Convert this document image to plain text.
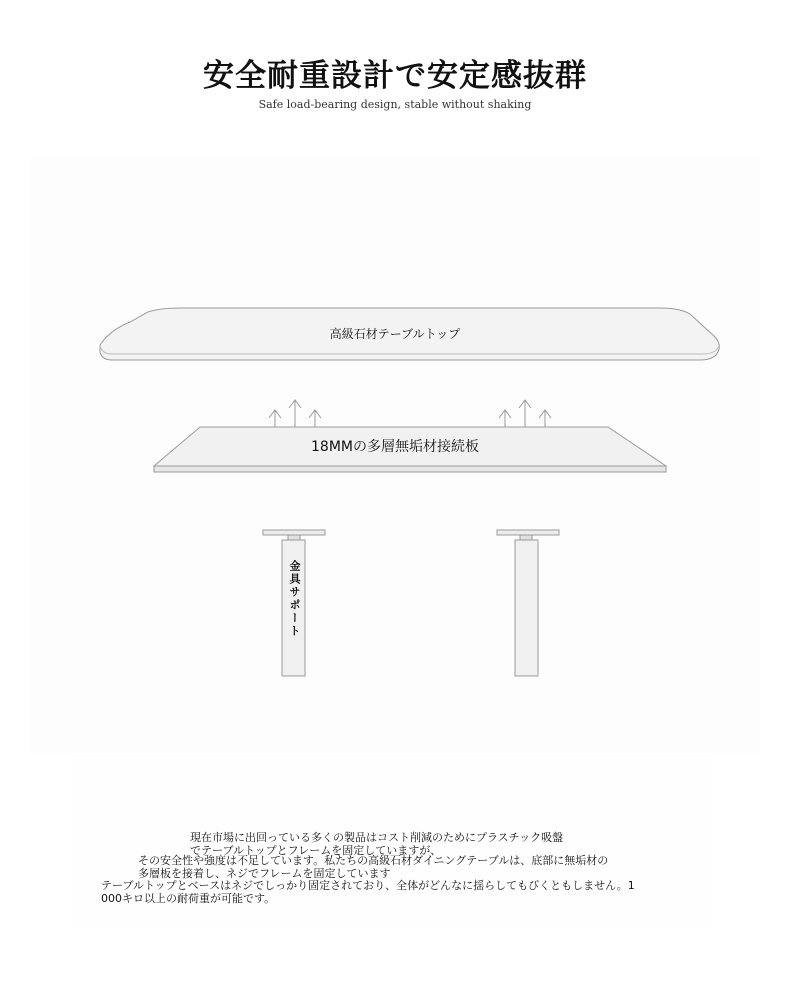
安全耐重設計で安定感抜群
Safe load-bearing design, stable without shaking
高級石材テーブルトップ
18MMの多層無垢材接続板
金具サポート
現在市場に出回っている多くの製品はコスト削減のためにプラスチック吸盤
でテーブルトップとフレームを固定していますが、
その安全性や強度は不足しています。私たちの高級石材ダイニングテーブルは、底部に無垢材の
多層板を接着し、ネジでフレームを固定しています
テーブルトップとベースはネジでしっかり固定されており、全体がどんなに揺らしてもびくともしません。1
000キロ以上の耐荷重が可能です。
